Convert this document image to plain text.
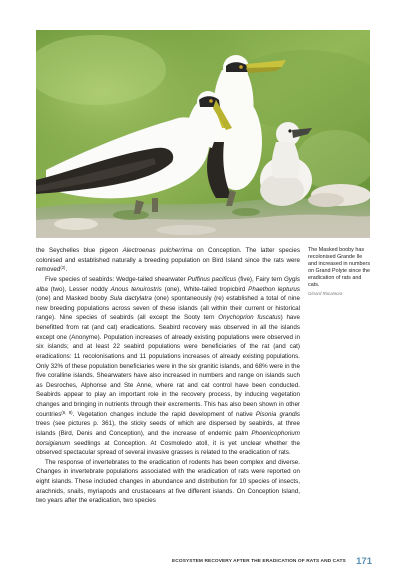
the Seychelles blue pigeon Alectroenas pulcherrima on Conception. The latter species colonised and established naturally a breeding population on Bird Island since the rats were removed$^{(2)}$.

Five species of seabirds: Wedge-tailed shearwater Puffinus pacificus (five), Fairy tern Gygis alba (two), Lesser noddy Anous tenuirostris (one), White-tailed tropicbird Phaethon lepturus (one) and Masked booby Sula dactylatra (one) spontaneously (re) established a total of nine new breeding populations across seven of these islands (all within their current or historical range). Nine species of seabirds (all except the Sooty tern Onychoprion fuscatus) have benefitted from rat (and cat) eradications. Seabird recovery was observed in all the islands except one (Anonyme). Population increases of already existing populations were observed in six islands; and at least 22 seabird populations were beneficiaries of the rat (and cat) eradications: 11 recolonisations and 11 populations increases of already existing populations. Only 32% of these population beneficiaries were in the six granitic islands, and 68% were in the five coralline islands. Shearwaters have also increased in numbers and range on islands such as Desroches, Alphonse and Ste Anne, where rat and cat control have been conducted. Seabirds appear to play an important role in the recovery process, by inducing vegetation changes and bringing in nutrients through their excrements. This has also been shown in other countries$^{(6, 8)}$. Vegetation changes include the rapid development of native Pisonia grandis trees (see pictures p. 361), the sticky seeds of which are dispersed by seabirds, at three islands (Bird, Denis and Conception), and the increase of endemic palm Phoenicophorium borsigianum seedlings at Conception. At Cosmoledo atoll, it is yet unclear whether the observed spectacular spread of several invasive grasses is related to the eradication of rats.

The response of invertebrates to the eradication of rodents has been complex and diverse. Changes in invertebrate populations associated with the eradication of rats were reported on eight islands. These included changes in abundance and distribution for 10 species of insects, arachnids, snails, myriapods and crustaceans at five different islands. On Conception Island, two years after the eradication, two species

The Masked booby has recolonised Grande Ile and increased in numbers on Grand Polyte since the eradication of rats and cats.
Gérard Rocamora
ECOSYSTEM RECOVERY AFTER THE ERADICATION OF RATS AND CATS 171
